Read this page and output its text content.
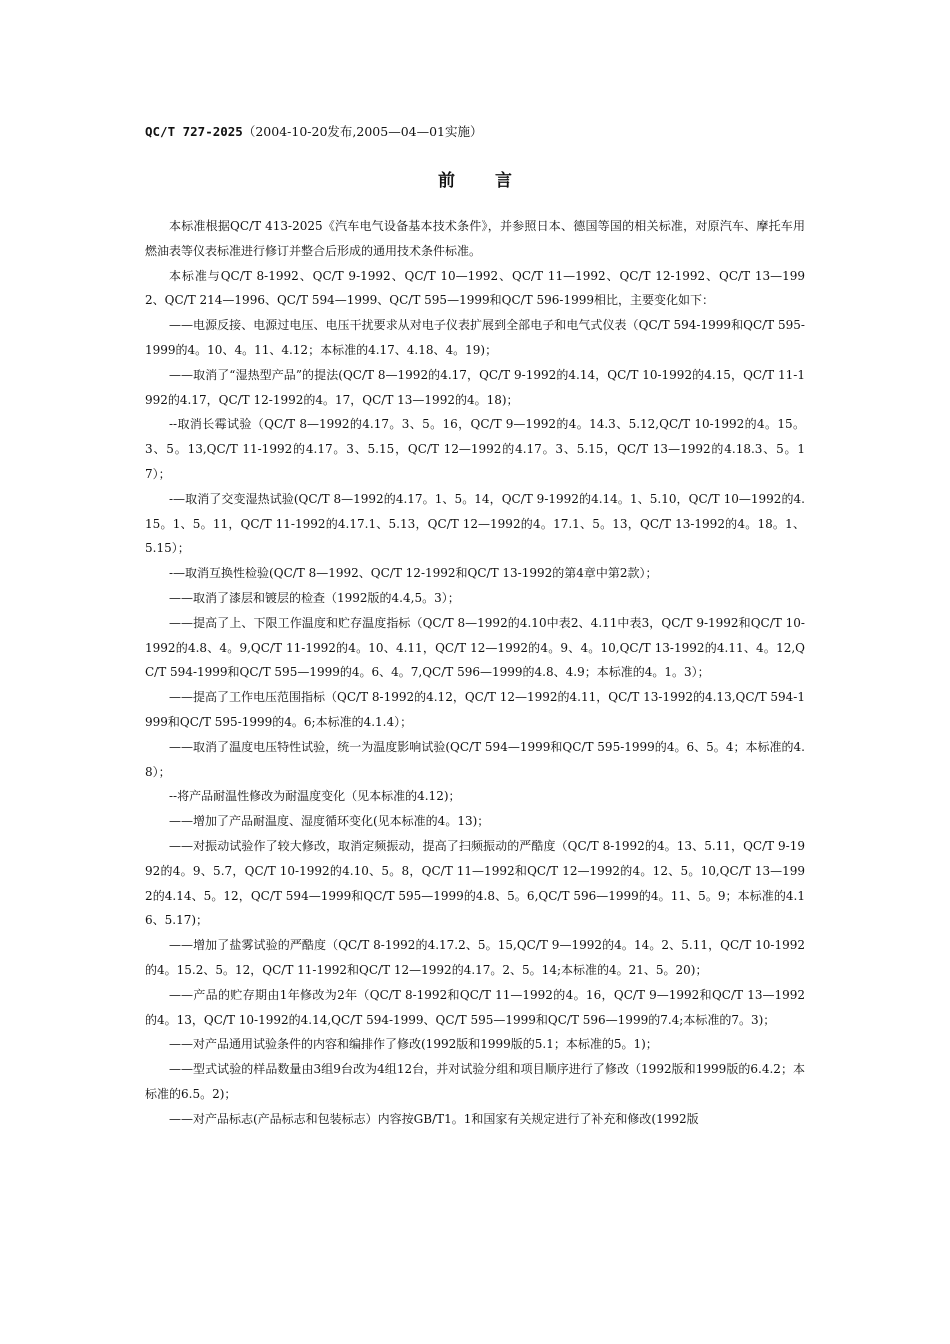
QC/T 727-2025（2004-10-20发布,2005—04—01实施）

前言

本标准根据QC/T 413-2025《汽车电气设备基本技术条件》，并参照日本、德国等国的相关标准，对原汽车、摩托车用燃油表等仪表标准进行修订并整合后形成的通用技术条件标准。

本标准与QC/T 8-1992、QC/T 9-1992、QC/T 10—1992、QC/T 11—1992、QC/T 12-1992、QC/T 13—1992、QC/T 214—1996、QC/T 594—1999、QC/T 595—1999和QC/T 596-1999相比，主要变化如下：

——电源反接、电源过电压、电压干扰要求从对电子仪表扩展到全部电子和电气式仪表（QC/T 594-1999和QC/T 595-1999的4。10、4。11、4.12；本标准的4.17、4.18、4。19)；

——取消了“湿热型产品”的提法(QC/T 8—1992的4.17，QC/T 9-1992的4.14，QC/T 10-1992的4.15，QC/T 11-1992的4.17，QC/T 12-1992的4。17，QC/T 13—1992的4。18)；

--取消长霉试验（QC/T 8—1992的4.17。3、5。16，QC/T 9—1992的4。14.3、5.12,QC/T 10-1992的4。15。3、5。13,QC/T 11-1992的4.17。3、5.15，QC/T 12—1992的4.17。3、5.15，QC/T 13—1992的4.18.3、5。17）；

-—取消了交变湿热试验(QC/T 8—1992的4.17。1、5。14，QC/T 9-1992的4.14。1、5.10，QC/T 10—1992的4.15。1、5。11，QC/T 11-1992的4.17.1、5.13，QC/T 12—1992的4。17.1、5。13，QC/T 13-1992的4。18。1、5.15）；

-—取消互换性检验(QC/T 8—1992、QC/T 12-1992和QC/T 13-1992的第4章中第2款）；

——取消了漆层和镀层的检查（1992版的4.4,5。3）；

——提高了上、下限工作温度和贮存温度指标（QC/T 8—1992的4.10中表2、4.11中表3，QC/T 9-1992和QC/T 10-1992的4.8、4。9,QC/T 11-1992的4。10、4.11，QC/T 12—1992的4。9、4。10,QC/T 13-1992的4.11、4。12,QC/T 594-1999和QC/T 595—1999的4。6、4。7,QC/T 596—1999的4.8、4.9；本标准的4。1。3）；

——提高了工作电压范围指标（QC/T 8-1992的4.12，QC/T 12—1992的4.11，QC/T 13-1992的4.13,QC/T 594-1999和QC/T 595-1999的4。6;本标准的4.1.4）；

——取消了温度电压特性试验，统一为温度影响试验(QC/T 594—1999和QC/T 595-1999的4。6、5。4；本标准的4.8）；

--将产品耐温性修改为耐温度变化（见本标准的4.12)；

——增加了产品耐温度、湿度循环变化(见本标准的4。13)；

——对振动试验作了较大修改，取消定频振动，提高了扫频振动的严酷度（QC/T 8-1992的4。13、5.11，QC/T 9-1992的4。9、5.7，QC/T 10-1992的4.10、5。8，QC/T 11—1992和QC/T 12—1992的4。12、5。10,QC/T 13—1992的4.14、5。12，QC/T 594—1999和QC/T 595—1999的4.8、5。6,QC/T 596—1999的4。11、5。9；本标准的4.16、5.17)；

——增加了盐雾试验的严酷度（QC/T 8-1992的4.17.2、5。15,QC/T 9—1992的4。14。2、5.11，QC/T 10-1992的4。15.2、5。12，QC/T 11-1992和QC/T 12—1992的4.17。2、5。14;本标准的4。21、5。20)；

——产品的贮存期由1年修改为2年（QC/T 8-1992和QC/T 11—1992的4。16，QC/T 9—1992和QC/T 13—1992的4。13，QC/T 10-1992的4.14,QC/T 594-1999、QC/T 595—1999和QC/T 596—1999的7.4;本标准的7。3)；

——对产品通用试验条件的内容和编排作了修改(1992版和1999版的5.1；本标准的5。1)；

——型式试验的样品数量由3组9台改为4组12台，并对试验分组和项目顺序进行了修改（1992版和1999版的6.4.2；本标准的6.5。2)；

——对产品标志(产品标志和包装标志）内容按GB/T1。1和国家有关规定进行了补充和修改(1992版
